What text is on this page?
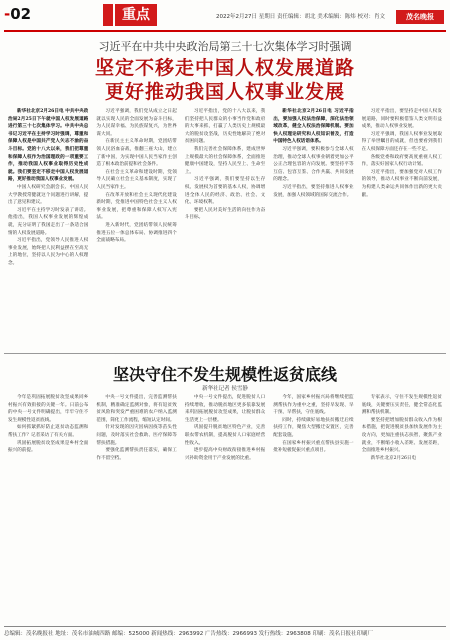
-02	重点	2022年2月27日 星期日 责任编辑：胡北 美术编辑：陈炜 校对：肖文	茂名晚报
习近平在中共中央政治局第三十七次集体学习时强调
坚定不移走中国人权发展道路
更好推动我国人权事业发展

新华社北京2月26日电 中共中央政治局2月25日下午就中国人权发展道路进行第三十七次集体学习。中共中央总书记习近平在主持学习时强调，尊重和保障人权是中国共产党人矢志不渝的奋斗目标。党的十八大以来，我们把尊重和保障人权作为治国理政的一项重要工作，推动我国人权事业取得历史性成就。我们要坚定不移走中国人权发展道路，更好推动我国人权事业发展。

中国人权研究会副会长、中国人民大学教授常健就这个问题进行讲解，提出了意见和建议。

习近平在主持学习时发表了讲话。他指出，我国人权事业发展的辉煌成就，充分证明了我国走出了一条适合国情的人权发展道路。

习近平指出，党领导人民推进人权事业发展，始终把人民利益摆在至高无上的地位，坚持以人民为中心的人权理念。

习近平强调，我们党从成立之日起就以实现人民的全面发展为奋斗目标，为人民谋幸福、为民族谋复兴，为世界谋大同。

在新民主主义革命时期，党团结带领人民浴血奋战，推翻三座大山，建立了新中国，为实现中国人民当家作主创造了根本政治前提和社会条件。

在社会主义革命和建设时期，党领导人民确立社会主义基本制度，实现了人民当家作主。

在改革开放和社会主义现代化建设新时期，党推进中国特色社会主义人权事业发展，把尊重和保障人权写入宪法。

进入新时代，党团结带领人民统筹推进五位一体总体布局、协调推进四个全面战略布局。

习近平指出，党的十八大以来，我们坚持把人民群众的小事当作党和政府的大事来抓，打赢了人类历史上规模最大的脱贫攻坚战，历史性地解决了绝对贫困问题。

我们完善社会保障体系，建成世界上规模最大的社会保障体系，全面推进健康中国建设，坚持人民至上、生命至上。

习近平强调，我们要坚持以生存权、发展权为首要的基本人权，协调增进全体人民的经济、政治、社会、文化、环境权利。

要把人民对美好生活的向往作为奋斗目标。

新华社北京2月26日电 习近平指出，要加强人权法治保障，深化法治领域改革，健全人权法治保障机制。要加快人权理论研究和人权知识普及，打造中国特色人权话语体系。

习近平强调，要积极参与全球人权治理，推动全球人权事业朝着更加公平公正合理包容的方向发展。要坚持平等互信、包容互鉴、合作共赢、共同发展的理念。

习近平指出，要坚持推进人权事业发展，加强人权领域的国际交流合作。

习近平指出，要坚持走中国人权发展道路，同时要积极借鉴人类文明有益成果，推动人权事业发展。

习近平强调，我国人权事业发展取得了举世瞩目的成就，但也要看到我们在人权保障方面还存在一些不足。

各级党委和政府要高度重视人权工作，落实好国家人权行动计划。

习近平指出，要加强党对人权工作的领导，推动人权事业不断向前发展，为构建人类命运共同体作出新的更大贡献。

坚决守住不发生规模性返贫底线
新华社记者 侯雪静

今年是巩固拓展脱贫攻坚成果同乡村振兴有效衔接的关键一年。日前公布的中央一号文件明确提出，牢牢守住不发生规模性返贫底线。

如何抓紧抓好防止返贫动态监测和帮扶工作？记者采访了有关方面。

巩固拓展脱贫攻坚成果是乡村全面振兴的前提。

中央一号文件提出，完善监测帮扶机制，精准确定监测对象，将有返贫致贫风险和突发严重困难的农户纳入监测范围，简化工作流程，缩短认定时间。

针对发现的因灾因病因疫等苗头性问题，及时落实社会救助、医疗保障等帮扶措施。

要强化监测帮扶责任落实，确保工作不留空档。

中央一号文件提出，促进脱贫人口持续增收，推动脱贫地区更多依靠发展来巩固拓展脱贫攻坚成果，让脱贫群众生活更上一层楼。

巩固提升脱贫地区特色产业，完善联农带农机制，提高脱贫人口家庭经营性收入。

逐步提高中央财政衔接推进乡村振兴补助资金用于产业发展的比重。

今年，国家乡村振兴局将继续把监测帮扶作为重中之重，坚持早发现、早干预、早帮扶，守住底线。

同时，持续做好易地扶贫搬迁后续扶持工作，聚焦大型搬迁安置区，完善配套设施。

在国家乡村振兴重点帮扶县实施一批补短板促振兴重点项目。

专家表示，守住不发生规模性返贫底线，关键要压实责任，健全常态化监测和帮扶机制。

要坚持把增加脱贫群众收入作为根本措施，把促进脱贫县加快发展作为主攻方向，更加注重扶志扶智，聚焦产业就业，不断缩小收入差距、发展差距，全面推进乡村振兴。

新华社北京2月26日电

总编辑：茂名晚报社 地址：茂名市油城四路 邮编：525000 新闻热线：2963992 广告热线：2966993 发行热线：2963808 印刷：茂名日报社印刷厂
